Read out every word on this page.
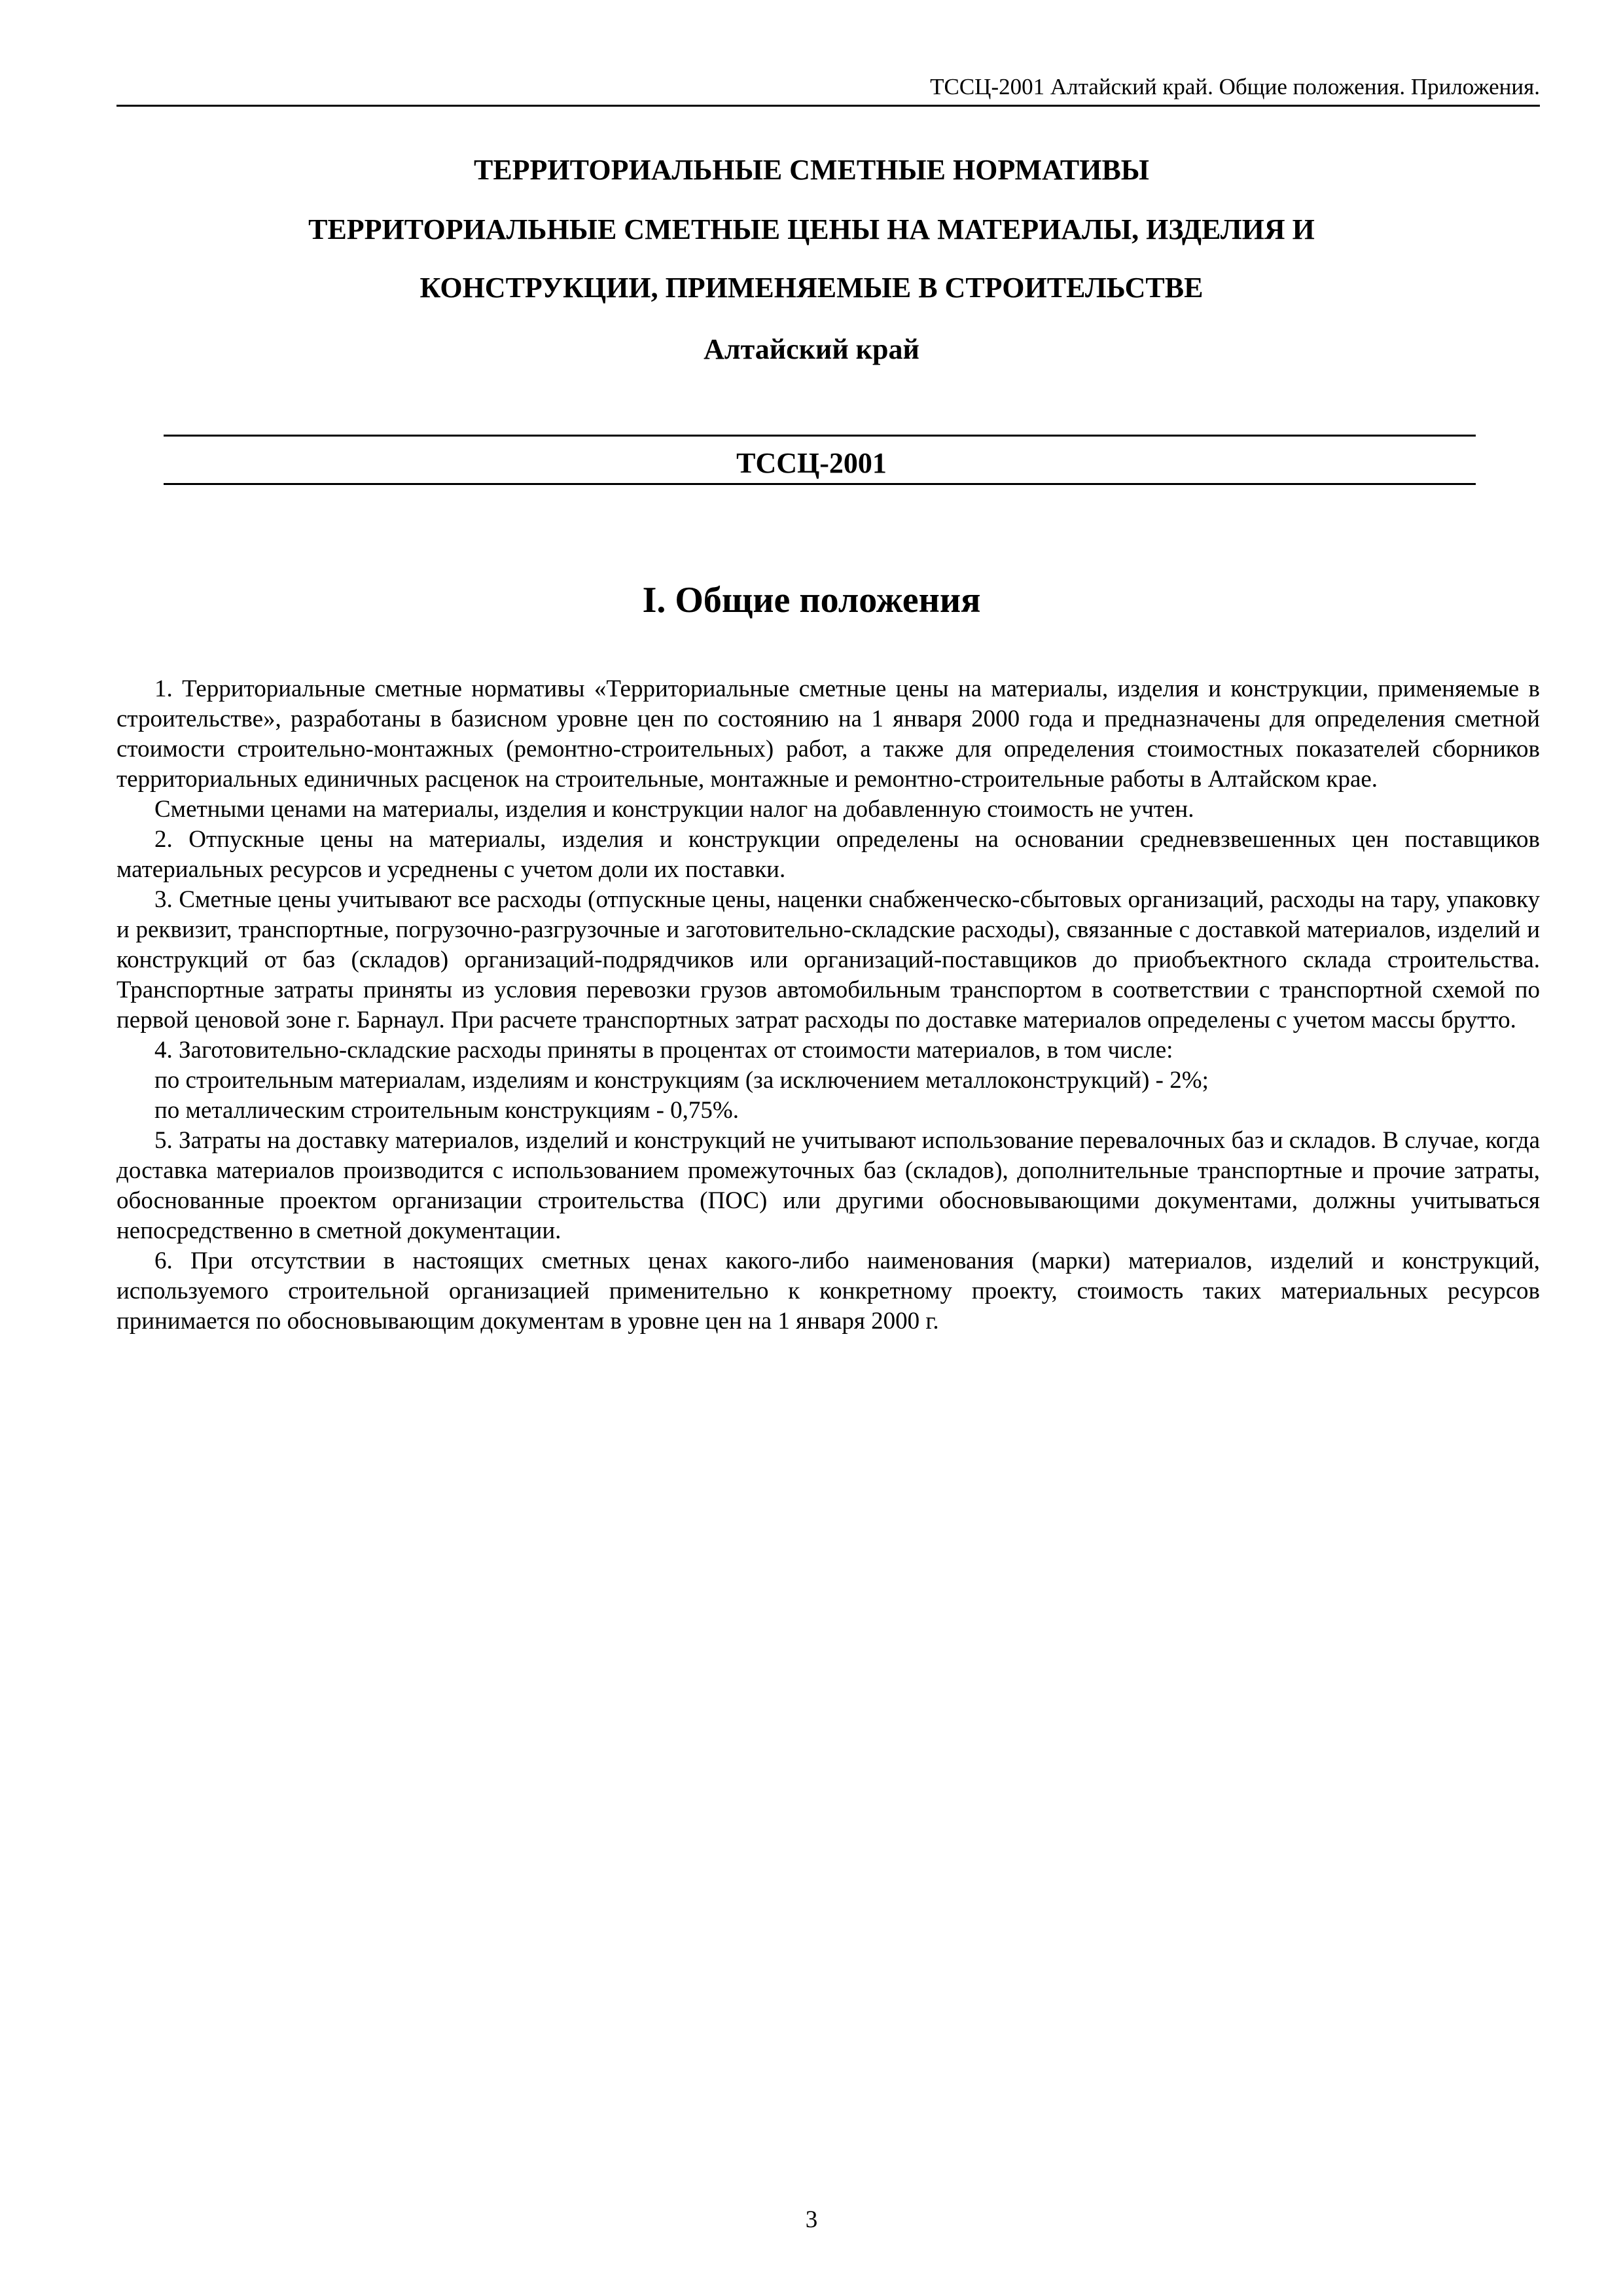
ТССЦ-2001 Алтайский край. Общие положения. Приложения.
ТЕРРИТОРИАЛЬНЫЕ СМЕТНЫЕ НОРМАТИВЫ
ТЕРРИТОРИАЛЬНЫЕ СМЕТНЫЕ ЦЕНЫ НА МАТЕРИАЛЫ, ИЗДЕЛИЯ И
КОНСТРУКЦИИ, ПРИМЕНЯЕМЫЕ В СТРОИТЕЛЬСТВЕ
Алтайский край
ТССЦ-2001
I. Общие положения

1. Территориальные сметные нормативы «Территориальные сметные цены на материалы, изделия и конструкции, применяемые в строительстве», разработаны в базисном уровне цен по состоянию на 1 января 2000 года и предназначены для определения сметной стоимости строительно-монтажных (ремонтно-строительных) работ, а также для определения стоимостных показателей сборников территориальных единичных расценок на строительные, монтажные и ремонтно-строительные работы в Алтайском крае.

Сметными ценами на материалы, изделия и конструкции налог на добавленную стоимость не учтен.

2. Отпускные цены на материалы, изделия и конструкции определены на основании средневзвешенных цен поставщиков материальных ресурсов и усреднены с учетом доли их поставки.

3. Сметные цены учитывают все расходы (отпускные цены, наценки снабженческо-сбытовых организаций, расходы на тару, упаковку и реквизит, транспортные, погрузочно-разгрузочные и заготовительно-складские расходы), связанные с доставкой материалов, изделий и конструкций от баз (складов) организаций-подрядчиков или организаций-поставщиков до приобъектного склада строительства. Транспортные затраты приняты из условия перевозки грузов автомобильным транспортом в соответствии с транспортной схемой по первой ценовой зоне г. Барнаул. При расчете транспортных затрат расходы по доставке материалов определены с учетом массы брутто.

4. Заготовительно-складские расходы приняты в процентах от стоимости материалов, в том числе:

по строительным материалам, изделиям и конструкциям (за исключением металлоконструкций) - 2%;

по металлическим строительным конструкциям - 0,75%.

5. Затраты на доставку материалов, изделий и конструкций не учитывают использование перевалочных баз и складов. В случае, когда доставка материалов производится с использованием промежуточных баз (складов), дополнительные транспортные и прочие затраты, обоснованные проектом организации строительства (ПОС) или другими обосновывающими документами, должны учитываться непосредственно в сметной документации.

6. При отсутствии в настоящих сметных ценах какого-либо наименования (марки) материалов, изделий и конструкций, используемого строительной организацией применительно к конкретному проекту, стоимость таких материальных ресурсов принимается по обосновывающим документам в уровне цен на 1 января 2000 г.

3
